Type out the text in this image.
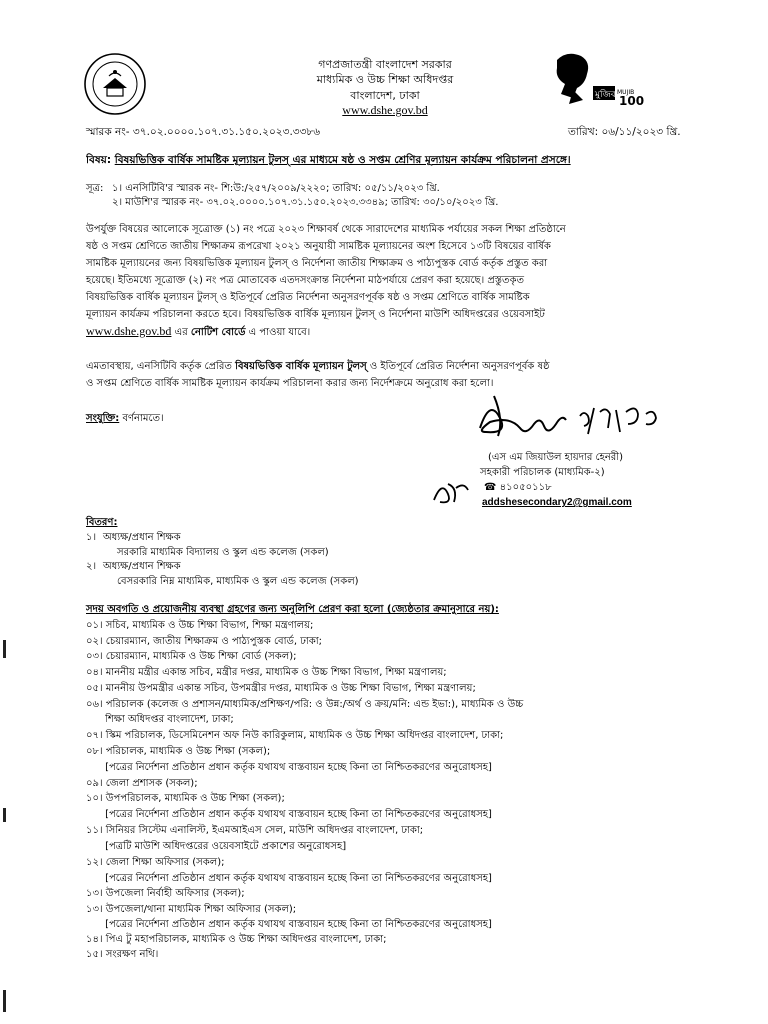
গণপ্রজাতন্ত্রী বাংলাদেশ সরকার
মাধ্যমিক ও উচ্চ শিক্ষা অধিদপ্তর
বাংলাদেশ, ঢাকা
www.dshe.gov.bd
মুজিব MUJIB
100
স্মারক নং- ৩৭.০২.০০০০.১০৭.৩১.১৫০.২০২৩.৩৩৮৬	তারিখ: ০৬/১১/২০২৩ খ্রি.
বিষয়: বিষয়ভিত্তিক বার্ষিক সামষ্টিক মূল্যায়ন টুলস্ এর মাধ্যমে ষষ্ঠ ও সপ্তম শ্রেণির মূল্যায়ন কার্যক্রম পরিচালনা প্রসঙ্গে।
সূত্র: ১। এনসিটিবি'র স্মারক নং- শি:উ:/২৫৭/২০০৯/২২২০; তারিখ: ০৫/১১/২০২৩ খ্রি.
২। মাউশি'র স্মারক নং- ৩৭.০২.০০০০.১০৭.৩১.১৫০.২০২৩.৩৩৪৯; তারিখ: ৩০/১০/২০২৩ খ্রি.
উপর্যুক্ত বিষয়ের আলোকে সূত্রোক্ত (১) নং পত্রে ২০২৩ শিক্ষাবর্ষ থেকে সারাদেশের মাধ্যমিক পর্যায়ের সকল শিক্ষা প্রতিষ্ঠানে
ষষ্ঠ ও সপ্তম শ্রেণিতে জাতীয় শিক্ষাক্রম রূপরেখা ২০২১ অনুযায়ী সামষ্টিক মূল্যায়নের অংশ হিসেবে ১৩টি বিষয়ের বার্ষিক
সামষ্টিক মূল্যায়নের জন্য বিষয়ভিত্তিক মূল্যায়ন টুলস্ ও নির্দেশনা জাতীয় শিক্ষাক্রম ও পাঠ্যপুস্তক বোর্ড কর্তৃক প্রস্তুত করা
হয়েছে। ইতিমধ্যে সূত্রোক্ত (২) নং পত্র মোতাবেক এতদসংক্রান্ত নির্দেশনা মাঠপর্যায়ে প্রেরণ করা হয়েছে। প্রস্তুতকৃত
বিষয়ভিত্তিক বার্ষিক মূল্যায়ন টুলস্ ও ইতিপূর্বে প্রেরিত নির্দেশনা অনুসরণপূর্বক ষষ্ঠ ও সপ্তম শ্রেণিতে বার্ষিক সামষ্টিক
মূল্যায়ন কার্যক্রম পরিচালনা করতে হবে। বিষয়ভিত্তিক বার্ষিক মূল্যায়ন টুলস্ ও নির্দেশনা মাউশি অধিদপ্তরের ওয়েবসাইট
www.dshe.gov.bd এর নোটিশ বোর্ডে এ পাওয়া যাবে।
এমতাবস্থায়, এনসিটিবি কর্তৃক প্রেরিত বিষয়ভিত্তিক বার্ষিক মূল্যায়ন টুলস্ ও ইতিপূর্বে প্রেরিত নির্দেশনা অনুসরণপূর্বক ষষ্ঠ
ও সপ্তম শ্রেণিতে বার্ষিক সামষ্টিক মূল্যায়ন কার্যক্রম পরিচালনা করার জন্য নির্দেশক্রমে অনুরোধ করা হলো।
সংযুক্তি: বর্ণনামতে।
(এস এম জিয়াউল হায়দার হেনরী)
সহকারী পরিচালক (মাধ্যমিক-২)
☎ ৪১০৫০১১৮
addshesecondary2@gmail.com
বিতরণ:
১। অধ্যক্ষ/প্রধান শিক্ষক
সরকারি মাধ্যমিক বিদ্যালয় ও স্কুল এন্ড কলেজ (সকল)
২। অধ্যক্ষ/প্রধান শিক্ষক
বেসরকারি নিম্ন মাধ্যমিক, মাধ্যমিক ও স্কুল এন্ড কলেজ (সকল)
সদয় অবগতি ও প্রয়োজনীয় ব্যবস্থা গ্রহণের জন্য অনুলিপি প্রেরণ করা হলো (জ্যেষ্ঠতার ক্রমানুসারে নয়):
০১। সচিব, মাধ্যমিক ও উচ্চ শিক্ষা বিভাগ, শিক্ষা মন্ত্রণালয়;
০২। চেয়ারম্যান, জাতীয় শিক্ষাক্রম ও পাঠ্যপুস্তক বোর্ড, ঢাকা;
০৩। চেয়ারম্যান, মাধ্যমিক ও উচ্চ শিক্ষা বোর্ড (সকল);
০৪। মাননীয় মন্ত্রীর একান্ত সচিব, মন্ত্রীর দপ্তর, মাধ্যমিক ও উচ্চ শিক্ষা বিভাগ, শিক্ষা মন্ত্রণালয়;
০৫। মাননীয় উপমন্ত্রীর একান্ত সচিব, উপমন্ত্রীর দপ্তর, মাধ্যমিক ও উচ্চ শিক্ষা বিভাগ, শিক্ষা মন্ত্রণালয়;
০৬। পরিচালক (কলেজ ও প্রশাসন/মাধ্যমিক/প্রশিক্ষণ/পরি: ও উন্ন:/অর্থ ও ক্রয়/মনি: এন্ড ইভা:), মাধ্যমিক ও উচ্চ
শিক্ষা অধিদপ্তর বাংলাদেশ, ঢাকা;
০৭। স্কিম পরিচালক, ডিসেমিনেশন অফ নিউ কারিকুলাম, মাধ্যমিক ও উচ্চ শিক্ষা অধিদপ্তর বাংলাদেশ, ঢাকা;
০৮। পরিচালক, মাধ্যমিক ও উচ্চ শিক্ষা (সকল);
[পত্রের নির্দেশনা প্রতিষ্ঠান প্রধান কর্তৃক যথাযথ বাস্তবায়ন হচ্ছে কিনা তা নিশ্চিতকরণের অনুরোধসহ]
০৯। জেলা প্রশাসক (সকল);
১০। উপপরিচালক, মাধ্যমিক ও উচ্চ শিক্ষা (সকল);
[পত্রের নির্দেশনা প্রতিষ্ঠান প্রধান কর্তৃক যথাযথ বাস্তবায়ন হচ্ছে কিনা তা নিশ্চিতকরণের অনুরোধসহ]
১১। সিনিয়র সিস্টেম এনালিস্ট, ইএমআইএস সেল, মাউশি অধিদপ্তর বাংলাদেশ, ঢাকা;
[পত্রটি মাউশি অধিদপ্তরের ওয়েবসাইটে প্রকাশের অনুরোধসহ]
১২। জেলা শিক্ষা অফিসার (সকল);
[পত্রের নির্দেশনা প্রতিষ্ঠান প্রধান কর্তৃক যথাযথ বাস্তবায়ন হচ্ছে কিনা তা নিশ্চিতকরণের অনুরোধসহ]
১৩। উপজেলা নির্বাহী অফিসার (সকল);
১৩। উপজেলা/থানা মাধ্যমিক শিক্ষা অফিসার (সকল);
[পত্রের নির্দেশনা প্রতিষ্ঠান প্রধান কর্তৃক যথাযথ বাস্তবায়ন হচ্ছে কিনা তা নিশ্চিতকরণের অনুরোধসহ]
১৪। পিএ টু মহাপরিচালক, মাধ্যমিক ও উচ্চ শিক্ষা অধিদপ্তর বাংলাদেশ, ঢাকা;
১৫। সংরক্ষণ নথি।
